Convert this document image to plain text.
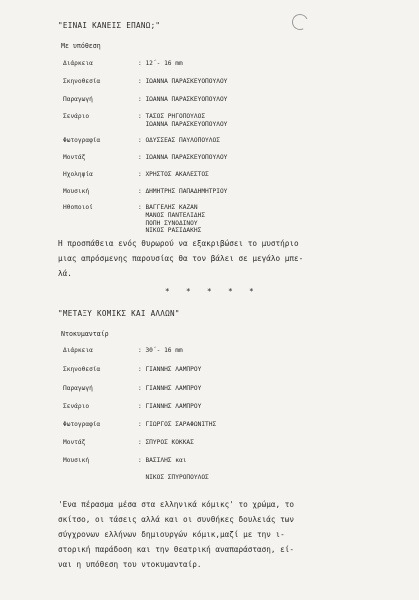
"ΕΙΝΑΙ ΚΑΝΕΙΣ ΕΠΑΝΩ;"
Με υπόθεση
Διάρκεια	: 12΄- 16 mm
Σκηνοθεσία	: ΙΩΑΝΝΑ ΠΑΡΑΣΚΕΥΟΠΟΥΛΟΥ
Παραγωγή	: ΙΩΑΝΝΑ ΠΑΡΑΣΚΕΥΟΠΟΥΛΟΥ
Σενάριο	: ΤΑΣΟΣ ΡΗΓΟΠΟΥΛΟΣ
ΙΩΑΝΝΑ ΠΑΡΑΣΚΕΥΟΠΟΥΛΟΥ
Φωτογραφία	: ΟΔΥΣΣΕΑΣ ΠΑΥΛΟΠΟΥΛΟΣ
Μοντάζ	: ΙΩΑΝΝΑ ΠΑΡΑΣΚΕΥΟΠΟΥΛΟΥ
Ηχοληψία	: ΧΡΗΣΤΟΣ ΑΚΑΛΕΣΤΟΣ
Μουσική	: ΔΗΜΗΤΡΗΣ ΠΑΠΑΔΗΜΗΤΡΙΟΥ
Ηθοποιοί	: ΒΑΓΓΕΛΗΣ ΚΑΖΑΝ
ΜΑΝΟΣ ΠΑΝΤΕΛΙΔΗΣ
ΠΟΠΗ ΣΥΝΟΔΙΝΟΥ
ΝΙΚΟΣ ΡΑΣΙΔΑΚΗΣ
Η προσπάθεια ενός θυρωρού να εξακριβώσει το μυστήριο
μιας απρόσμενης παρουσίας θα τον βάλει σε μεγάλο μπε-
λά.
* * * * *
"ΜΕΤΑΞΥ ΚΟΜΙΚΣ ΚΑΙ ΑΛΛΩΝ"
Ντοκυμανταίρ
Διάρκεια	: 30΄- 16 mm
Σκηνοθεσία	: ΓΙΑΝΝΗΣ ΛΑΜΠΡΟΥ
Παραγωγή	: ΓΙΑΝΝΗΣ ΛΑΜΠΡΟΥ
Σενάριο	: ΓΙΑΝΝΗΣ ΛΑΜΠΡΟΥ
Φωτογραφία	: ΓΙΩΡΓΟΣ ΣΑΡΑΦΩΝΙΤΗΣ
Μοντάζ	: ΣΠΥΡΟΣ ΚΟΚΚΑΣ
Μουσική	: ΒΑΣΙΛΗΣ και
ΝΙΚΟΣ ΣΠΥΡΟΠΟΥΛΟΣ
'Ενα πέρασμα μέσα στα ελληνικά κόμικς' το χρώμα, το
σκίτσο, οι τάσεις αλλά και οι συνθήκες δουλειάς των
σύγχρονων ελλήνων δημιουργών κόμικ,μαζί με την ι-
στορική παράδοση και την θεατρική αναπαράσταση, εί-
ναι η υπόθεση του ντοκυμανταίρ.
